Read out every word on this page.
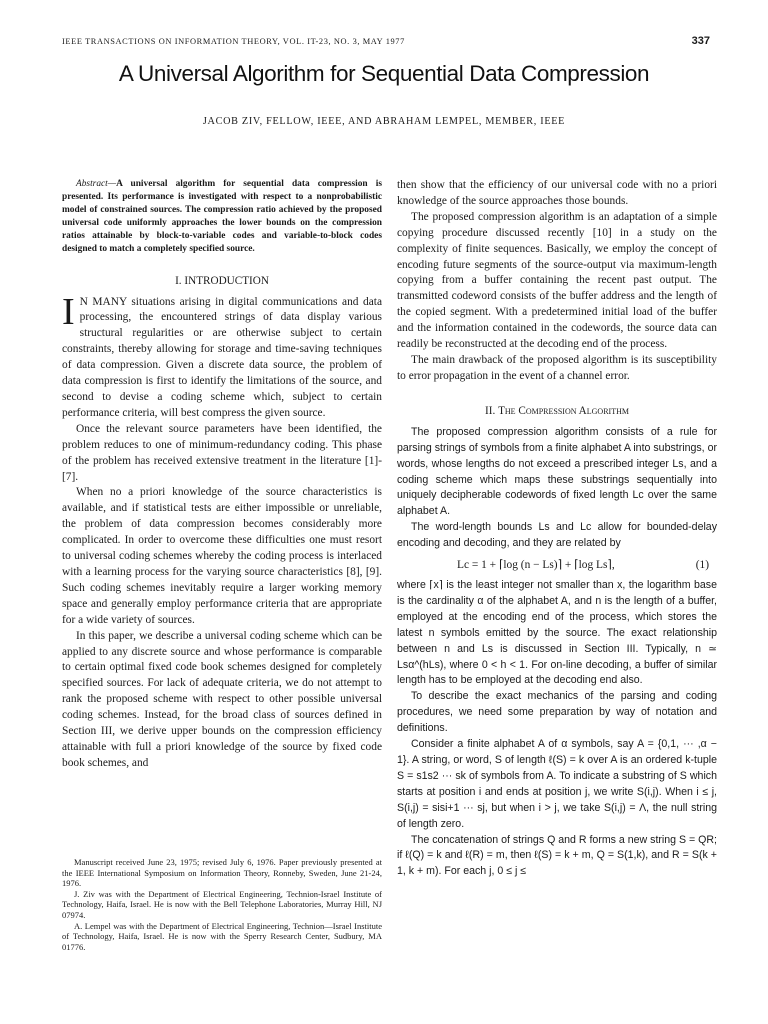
IEEE TRANSACTIONS ON INFORMATION THEORY, VOL. IT-23, NO. 3, MAY 1977	337
A Universal Algorithm for Sequential Data Compression
JACOB ZIV, FELLOW, IEEE, AND ABRAHAM LEMPEL, MEMBER, IEEE

Abstract—A universal algorithm for sequential data compression is presented. Its performance is investigated with respect to a nonprobabilistic model of constrained sources. The compression ratio achieved by the proposed universal code uniformly approaches the lower bounds on the compression ratios attainable by block-to-variable codes and variable-to-block codes designed to match a completely specified source.

I. INTRODUCTION

I N MANY situations arising in digital communications and data processing, the encountered strings of data display various structural regularities or are otherwise subject to certain constraints, thereby allowing for storage and time-saving techniques of data compression. Given a discrete data source, the problem of data compression is first to identify the limitations of the source, and second to devise a coding scheme which, subject to certain performance criteria, will best compress the given source.

Once the relevant source parameters have been identified, the problem reduces to one of minimum-redundancy coding. This phase of the problem has received extensive treatment in the literature [1]-[7].

When no a priori knowledge of the source characteristics is available, and if statistical tests are either impossible or unreliable, the problem of data compression becomes considerably more complicated. In order to overcome these difficulties one must resort to universal coding schemes whereby the coding process is interlaced with a learning process for the varying source characteristics [8], [9]. Such coding schemes inevitably require a larger working memory space and generally employ performance criteria that are appropriate for a wide variety of sources.

In this paper, we describe a universal coding scheme which can be applied to any discrete source and whose performance is comparable to certain optimal fixed code book schemes designed for completely specified sources. For lack of adequate criteria, we do not attempt to rank the proposed scheme with respect to other possible universal coding schemes. Instead, for the broad class of sources defined in Section III, we derive upper bounds on the compression efficiency attainable with full a priori knowledge of the source by fixed code book schemes, and

then show that the efficiency of our universal code with no a priori knowledge of the source approaches those bounds.

The proposed compression algorithm is an adaptation of a simple copying procedure discussed recently [10] in a study on the complexity of finite sequences. Basically, we employ the concept of encoding future segments of the source-output via maximum-length copying from a buffer containing the recent past output. The transmitted codeword consists of the buffer address and the length of the copied segment. With a predetermined initial load of the buffer and the information contained in the codewords, the source data can readily be reconstructed at the decoding end of the process.

The main drawback of the proposed algorithm is its susceptibility to error propagation in the event of a channel error.

II. The Compression Algorithm

The proposed compression algorithm consists of a rule for parsing strings of symbols from a finite alphabet A into substrings, or words, whose lengths do not exceed a prescribed integer Ls, and a coding scheme which maps these substrings sequentially into uniquely decipherable codewords of fixed length Lc over the same alphabet A.

The word-length bounds Ls and Lc allow for bounded-delay encoding and decoding, and they are related by

Lc = 1 + ⌈log (n − Ls)⌉ + ⌈log Ls⌉,	(1)

where ⌈x⌉ is the least integer not smaller than x, the logarithm base is the cardinality α of the alphabet A, and n is the length of a buffer, employed at the encoding end of the process, which stores the latest n symbols emitted by the source. The exact relationship between n and Ls is discussed in Section III. Typically, n ≃ Lsα^(hLs), where 0 < h < 1. For on-line decoding, a buffer of similar length has to be employed at the decoding end also.

To describe the exact mechanics of the parsing and coding procedures, we need some preparation by way of notation and definitions.

Consider a finite alphabet A of α symbols, say A = {0,1, ··· ,α − 1}. A string, or word, S of length ℓ(S) = k over A is an ordered k-tuple S = s1s2 ··· sk of symbols from A. To indicate a substring of S which starts at position i and ends at position j, we write S(i,j). When i ≤ j, S(i,j) = sisi+1 ··· sj, but when i > j, we take S(i,j) = Λ, the null string of length zero.

The concatenation of strings Q and R forms a new string S = QR; if ℓ(Q) = k and ℓ(R) = m, then ℓ(S) = k + m, Q = S(1,k), and R = S(k + 1, k + m). For each j, 0 ≤ j ≤

Manuscript received June 23, 1975; revised July 6, 1976. Paper previously presented at the IEEE International Symposium on Information Theory, Ronneby, Sweden, June 21-24, 1976.

J. Ziv was with the Department of Electrical Engineering, Technion-Israel Institute of Technology, Haifa, Israel. He is now with the Bell Telephone Laboratories, Murray Hill, NJ 07974.

A. Lempel was with the Department of Electrical Engineering, Technion—Israel Institute of Technology, Haifa, Israel. He is now with the Sperry Research Center, Sudbury, MA 01776.
